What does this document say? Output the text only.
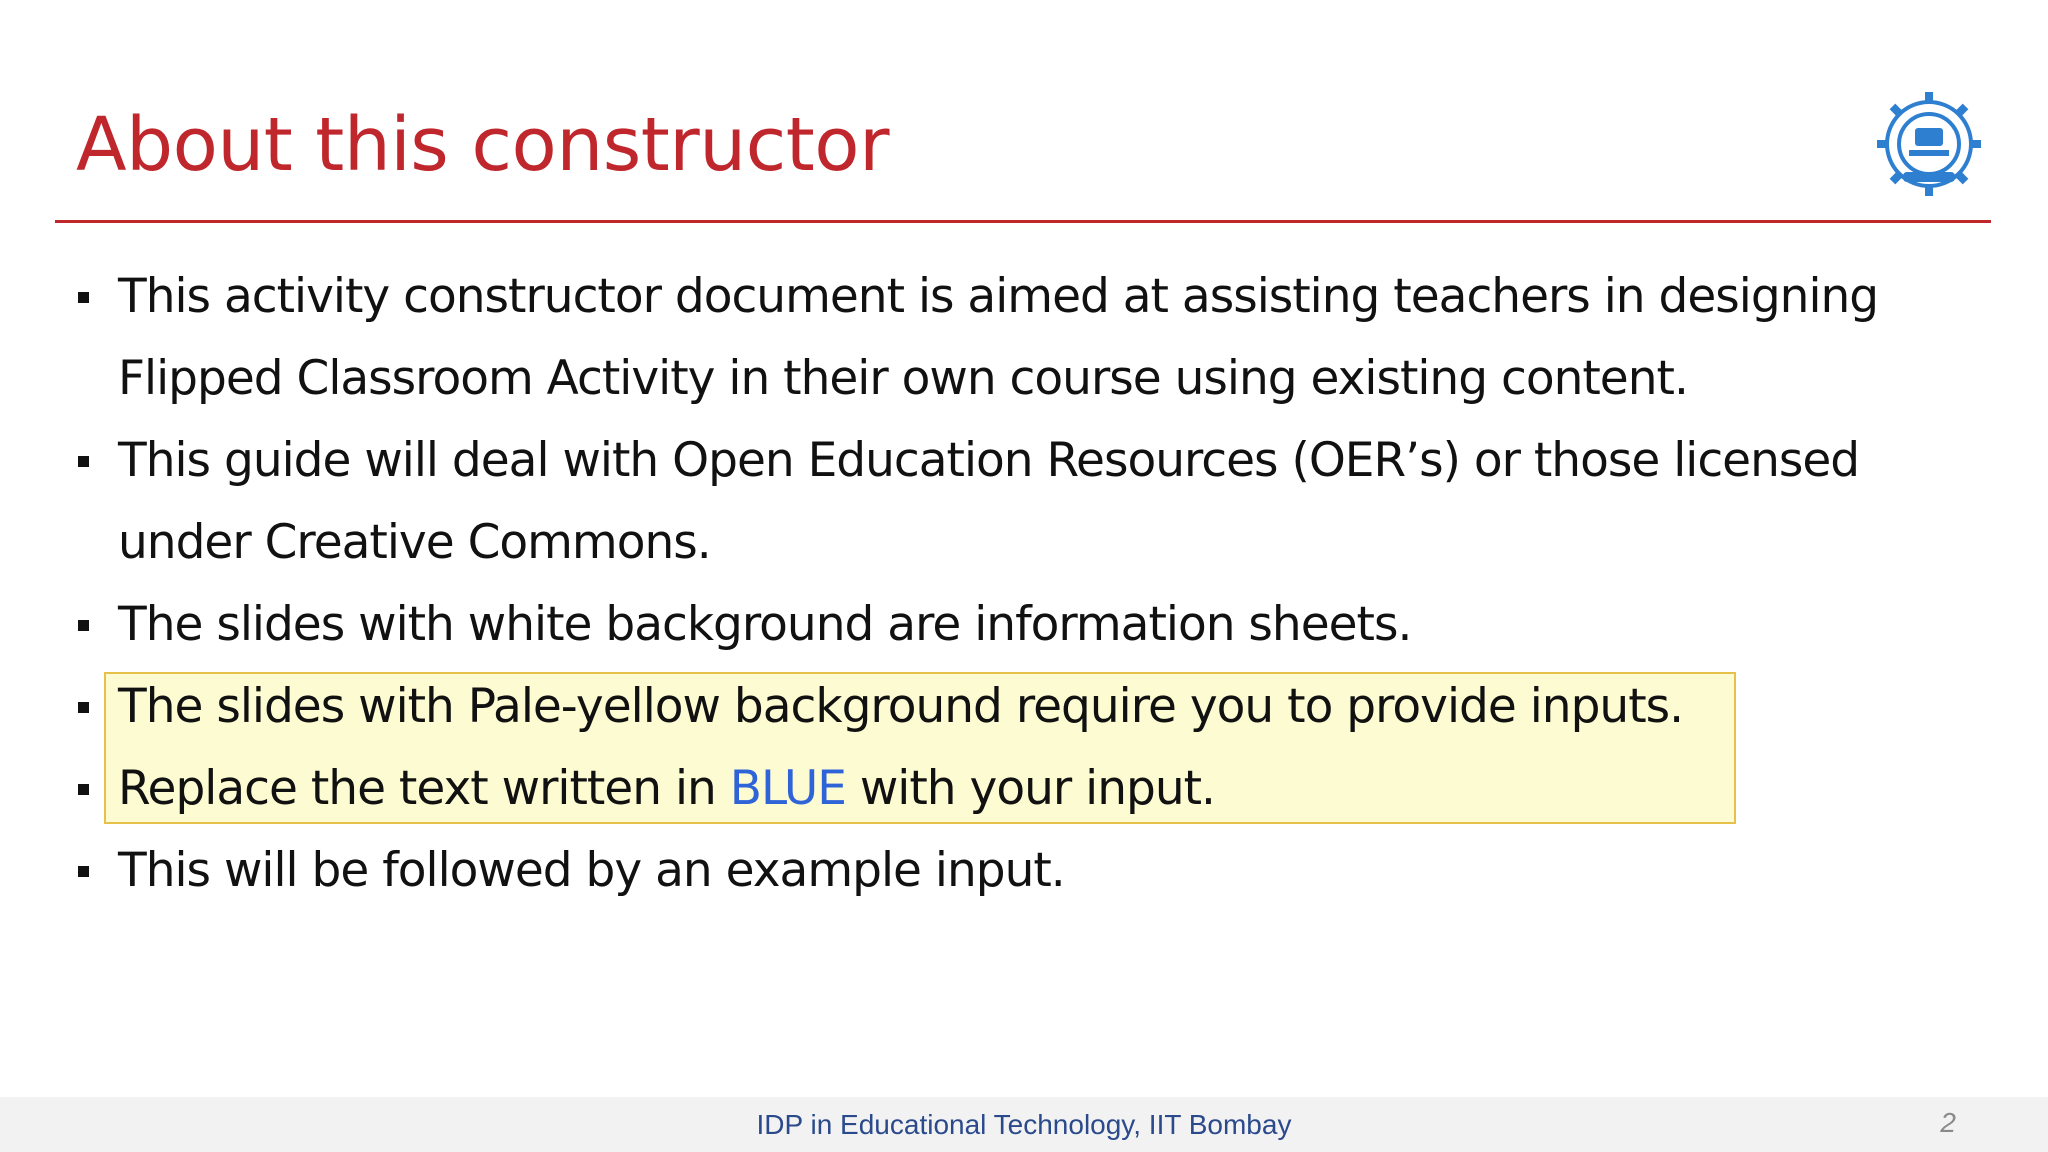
About this constructor
This activity constructor document is aimed at assisting teachers in designing Flipped Classroom Activity in their own course using existing content.
This guide will deal with Open Education Resources (OER’s) or those licensed under Creative Commons.
The slides with white background are information sheets.
The slides with Pale-yellow background require you to provide inputs.
Replace the text written in BLUE with your input.
This will be followed by an example input.
IDP in Educational Technology, IIT Bombay	2
